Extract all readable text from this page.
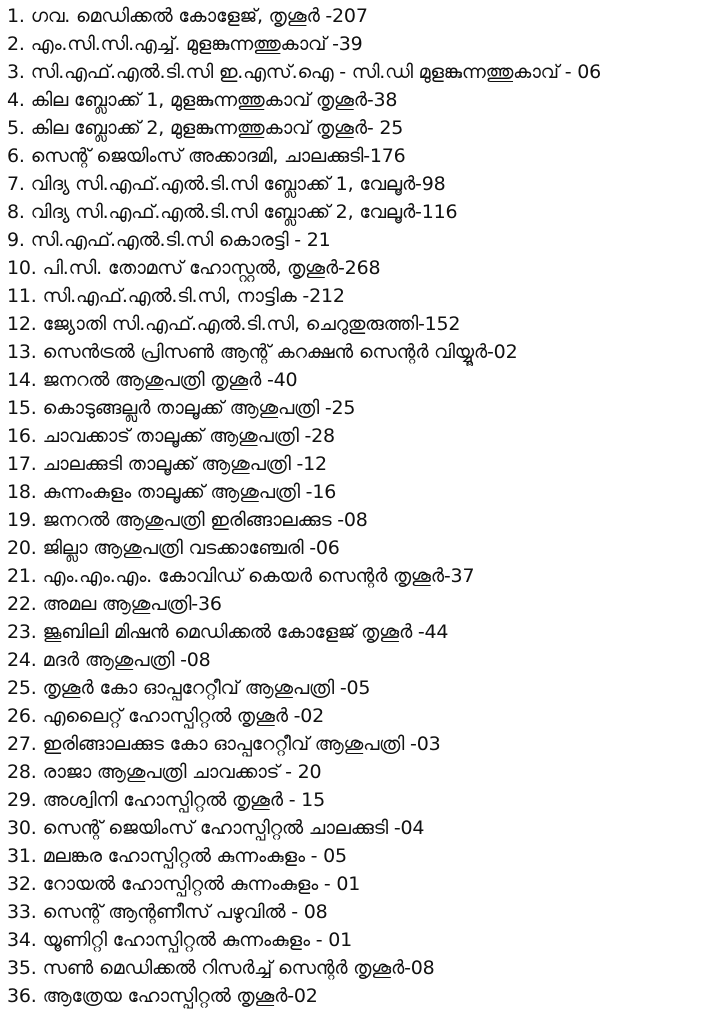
1. ഗവ. മെഡിക്കൽ കോളേജ്, തൃശൂർ -207
2. എം.സി.സി.എച്ച്. മുളങ്കുന്നത്തുകാവ് -39
3. സി.എഫ്.എൽ.ടി.സി ഇ.എസ്.ഐ - സി.ഡി മുളങ്കുന്നത്തുകാവ് - 06
4. കില ബ്ലോക്ക് 1, മുളങ്കുന്നത്തുകാവ് തൃശൂർ-38
5. കില ബ്ലോക്ക് 2, മുളങ്കുന്നത്തുകാവ് തൃശൂർ- 25
6. സെന്റ് ജെയിംസ് അക്കാദമി, ചാലക്കുടി-176
7. വിദ്യ സി.എഫ്.എൽ.ടി.സി ബ്ലോക്ക് 1, വേലൂർ-98
8. വിദ്യ സി.എഫ്.എൽ.ടി.സി ബ്ലോക്ക് 2, വേലൂർ-116
9. സി.എഫ്.എൽ.ടി.സി കൊരട്ടി - 21
10. പി.സി. തോമസ് ഹോസ്റ്റൽ, തൃശൂർ-268
11. സി.എഫ്.എൽ.ടി.സി, നാട്ടിക -212
12. ജ്യോതി സി.എഫ്.എൽ.ടി.സി, ചെറുതുരുത്തി-152
13. സെൻട്രൽ പ്രിസൺ ആന്റ് കറക്ഷൻ സെന്റർ വിയ്യൂർ-02
14. ജനറൽ ആശുപത്രി തൃശൂർ -40
15. കൊടുങ്ങല്ലൂർ താലൂക്ക് ആശുപത്രി -25
16. ചാവക്കാട് താലൂക്ക് ആശുപത്രി -28
17. ചാലക്കുടി താലൂക്ക് ആശുപത്രി -12
18. കുന്നംകുളം താലൂക്ക് ആശുപത്രി -16
19. ജനറൽ ആശുപത്രി ഇരിങ്ങാലക്കുട -08
20. ജില്ലാ ആശുപത്രി വടക്കാഞ്ചേരി -06
21. എം.എം.എം. കോവിഡ് കെയർ സെന്റർ തൃശൂർ-37
22. അമല ആശുപത്രി-36
23. ജൂബിലി മിഷൻ മെഡിക്കൽ കോളേജ് തൃശൂർ -44
24. മദർ ആശുപത്രി -08
25. തൃശൂർ കോ ഓപ്പറേറ്റീവ് ആശുപത്രി -05
26. എലൈറ്റ് ഹോസ്പിറ്റൽ തൃശൂർ -02
27. ഇരിങ്ങാലക്കുട കോ ഓപ്പറേറ്റീവ് ആശുപത്രി -03
28. രാജാ ആശുപത്രി ചാവക്കാട് - 20
29. അശ്വിനി ഹോസ്പിറ്റൽ തൃശൂർ - 15
30. സെന്റ് ജെയിംസ് ഹോസ്പിറ്റൽ ചാലക്കുടി -04
31. മലങ്കര ഹോസ്പിറ്റൽ കുന്നംകുളം - 05
32. റോയൽ ഹോസ്പിറ്റൽ കുന്നംകുളം - 01
33. സെന്റ് ആന്റണീസ് പഴുവിൽ - 08
34. യൂണിറ്റി ഹോസ്പിറ്റൽ കുന്നംകുളം - 01
35. സൺ മെഡിക്കൽ റിസർച്ച് സെന്റർ തൃശൂർ-08
36. ആത്രേയ ഹോസ്പിറ്റൽ തൃശൂർ-02
